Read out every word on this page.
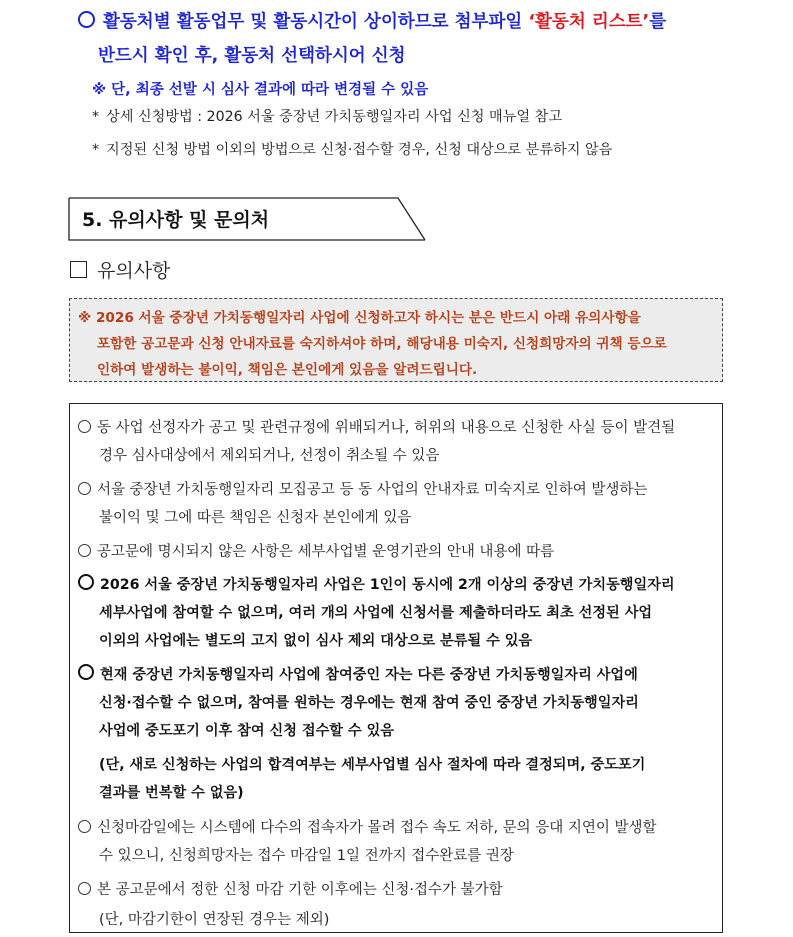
활동처별 활동업무 및 활동시간이 상이하므로 첨부파일 ‘활동처 리스트’를
반드시 확인 후, 활동처 선택하시어 신청
※ 단, 최종 선발 시 심사 결과에 따라 변경될 수 있음
* 상세 신청방법 : 2026 서울 중장년 가치동행일자리 사업 신청 매뉴얼 참고
* 지정된 신청 방법 이외의 방법으로 신청·접수할 경우, 신청 대상으로 분류하지 않음
5. 유의사항 및 문의처
유의사항
※ 2026 서울 중장년 가치동행일자리 사업에 신청하고자 하시는 분은 반드시 아래 유의사항을
포함한 공고문과 신청 안내자료를 숙지하셔야 하며, 해당내용 미숙지, 신청희망자의 귀책 등으로
인하여 발생하는 불이익, 책임은 본인에게 있음을 알려드립니다.
동 사업 선정자가 공고 및 관련규정에 위배되거나, 허위의 내용으로 신청한 사실 등이 발견될
경우 심사대상에서 제외되거나, 선정이 취소될 수 있음
서울 중장년 가치동행일자리 모집공고 등 동 사업의 안내자료 미숙지로 인하여 발생하는
불이익 및 그에 따른 책임은 신청자 본인에게 있음
공고문에 명시되지 않은 사항은 세부사업별 운영기관의 안내 내용에 따름
2026 서울 중장년 가치동행일자리 사업은 1인이 동시에 2개 이상의 중장년 가치동행일자리
세부사업에 참여할 수 없으며, 여러 개의 사업에 신청서를 제출하더라도 최초 선정된 사업
이외의 사업에는 별도의 고지 없이 심사 제외 대상으로 분류될 수 있음
현재 중장년 가치동행일자리 사업에 참여중인 자는 다른 중장년 가치동행일자리 사업에
신청·접수할 수 없으며, 참여를 원하는 경우에는 현재 참여 중인 중장년 가치동행일자리
사업에 중도포기 이후 참여 신청 접수할 수 있음
(단, 새로 신청하는 사업의 합격여부는 세부사업별 심사 절차에 따라 결정되며, 중도포기
결과를 번복할 수 없음)
신청마감일에는 시스템에 다수의 접속자가 몰려 접수 속도 저하, 문의 응대 지연이 발생할
수 있으니, 신청희망자는 접수 마감일 1일 전까지 접수완료를 권장
본 공고문에서 정한 신청 마감 기한 이후에는 신청·접수가 불가함
(단, 마감기한이 연장된 경우는 제외)
